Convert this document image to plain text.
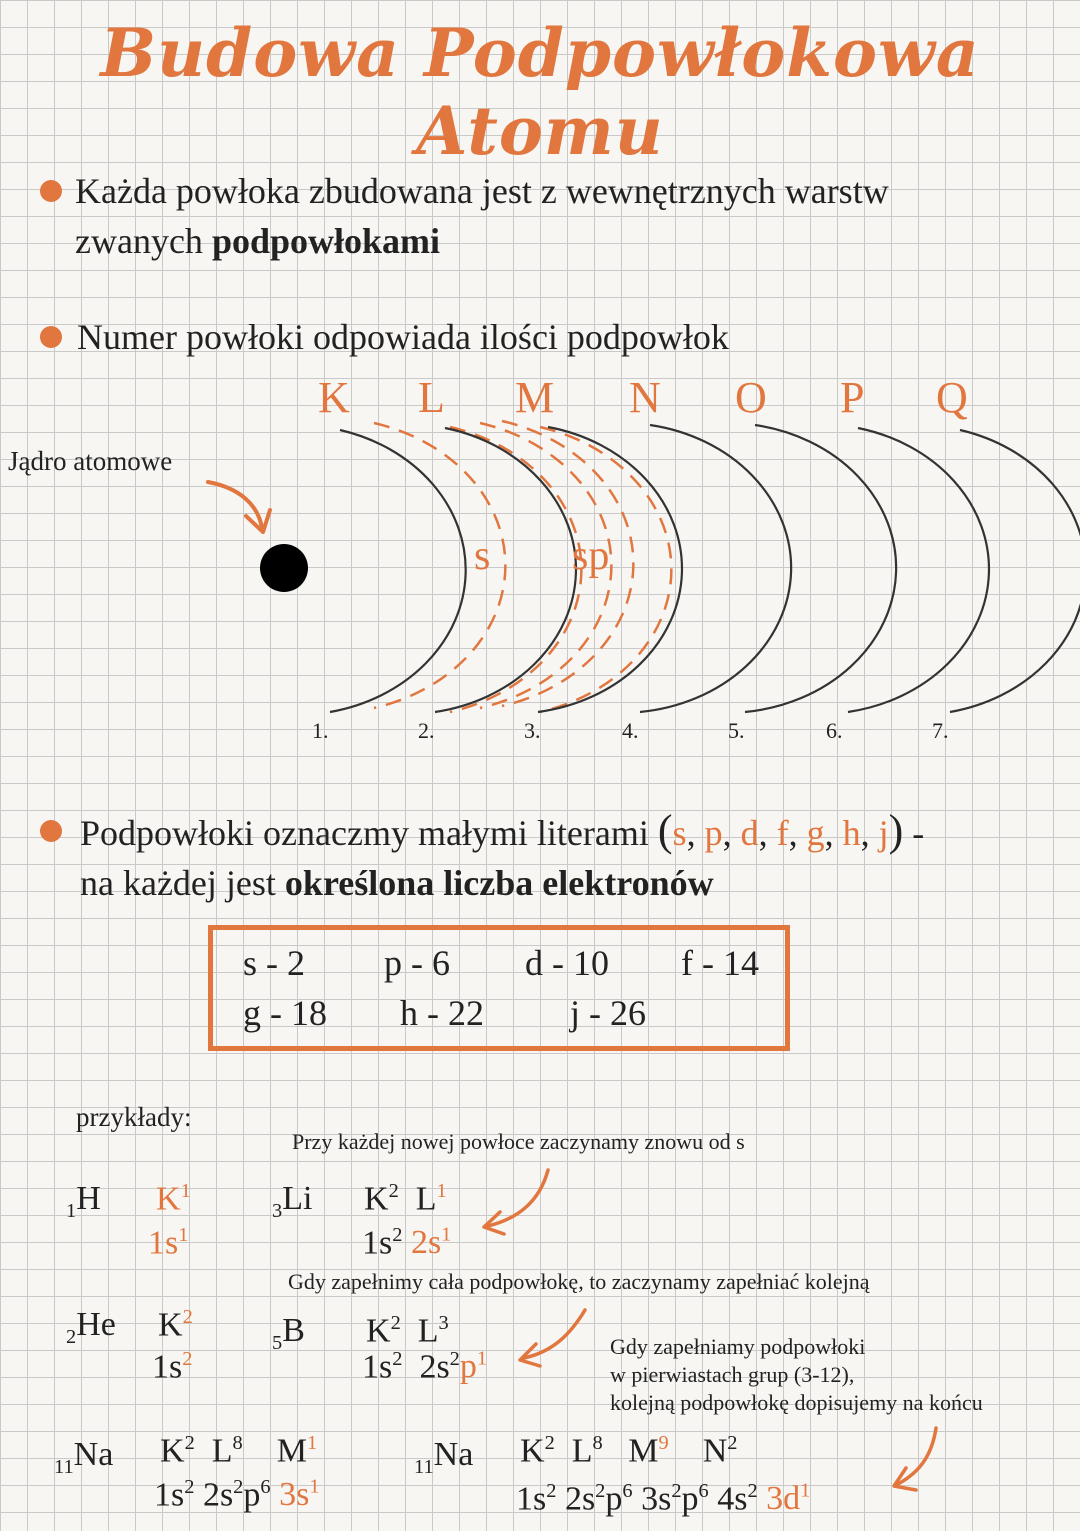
Budowa Podpowłokowa Atomu
Każda powłoka zbudowana jest z wewnętrznych warstw
zwanych podpowłokami
Numer powłoki odpowiada ilości podpowłok
Jądro atomowe
K L M N O P Q
s sp
1.	2.	3.	4.	5.	6.	7.
Podpowłoki oznaczmy małymi literami (s, p, d, f, g, h, j) -
na każdej jest określona liczba elektronów
s - 2 p - 6 d - 10 f - 14
g - 18 h - 22 j - 26
przykłady:
Przy każdej nowej powłoce zaczynamy znowu od s
Gdy zapełnimy cała podpowłokę, to zaczynamy zapełniać kolejną
Gdy zapełniamy podpowłoki
w pierwiastach grup (3-12),
kolejną podpowłokę dopisujemy na końcu
$_1$H $K^1$
$1s^1$
$_3$Li $K^2$ $L^1$
$1s^2$ $2s^1$
$_2$He $K^2$
$1s^2$
$_5$B $K^2$  $L^3$
$1s^2$  $2s^2p^1$
$_{11}$Na $K^2$  $L^8$    $M^1$
$1s^2$ $2s^2p^6$ $3s^1$
$_{11}$Na $K^2$  $L^8$   $M^9$    $N^2$
$1s^2$ $2s^2p^6$ $3s^2p^6$ $4s^2$ $3d^1$
